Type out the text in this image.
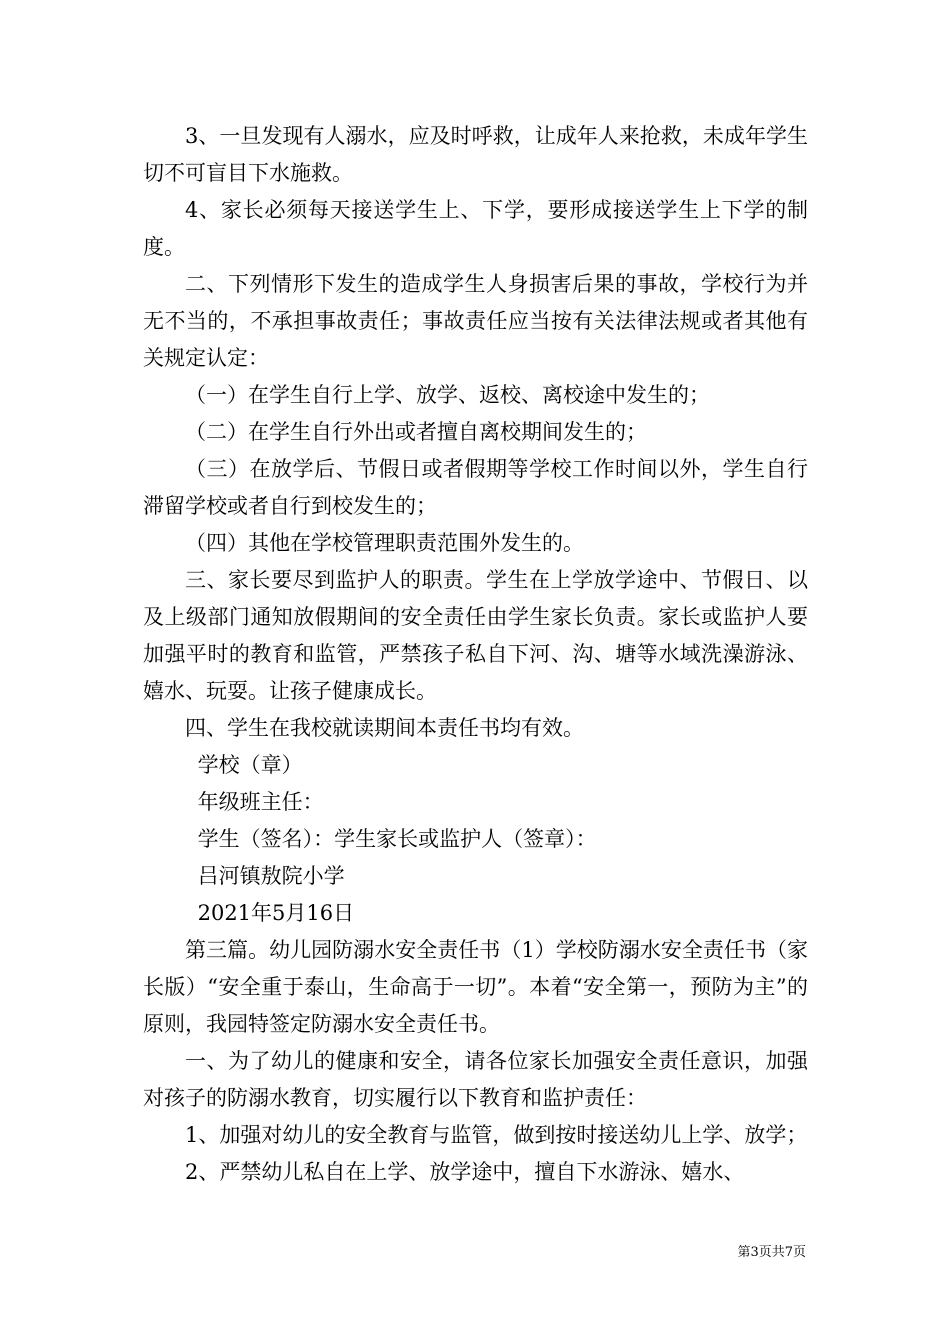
3、一旦发现有人溺水，应及时呼救，让成年人来抢救，未成年学生切不可盲目下水施救。

4、家长必须每天接送学生上、下学，要形成接送学生上下学的制度。

二、下列情形下发生的造成学生人身损害后果的事故，学校行为并无不当的，不承担事故责任；事故责任应当按有关法律法规或者其他有关规定认定：

（一）在学生自行上学、放学、返校、离校途中发生的；

（二）在学生自行外出或者擅自离校期间发生的；

（三）在放学后、节假日或者假期等学校工作时间以外，学生自行滞留学校或者自行到校发生的；

（四）其他在学校管理职责范围外发生的。

三、家长要尽到监护人的职责。学生在上学放学途中、节假日、以及上级部门通知放假期间的安全责任由学生家长负责。家长或监护人要加强平时的教育和监管，严禁孩子私自下河、沟、塘等水域洗澡游泳、嬉水、玩耍。让孩子健康成长。

四、学生在我校就读期间本责任书均有效。

学校（章）

年级班主任：

学生（签名）：学生家长或监护人（签章）：

吕河镇敖院小学

2021年5月16日

第三篇。幼儿园防溺水安全责任书（1）学校防溺水安全责任书（家长版）“安全重于泰山，生命高于一切”。本着“安全第一，预防为主”的原则，我园特签定防溺水安全责任书。

一、为了幼儿的健康和安全，请各位家长加强安全责任意识，加强对孩子的防溺水教育，切实履行以下教育和监护责任：

1、加强对幼儿的安全教育与监管，做到按时接送幼儿上学、放学；

2、严禁幼儿私自在上学、放学途中，擅自下水游泳、嬉水、

第3页共7页
